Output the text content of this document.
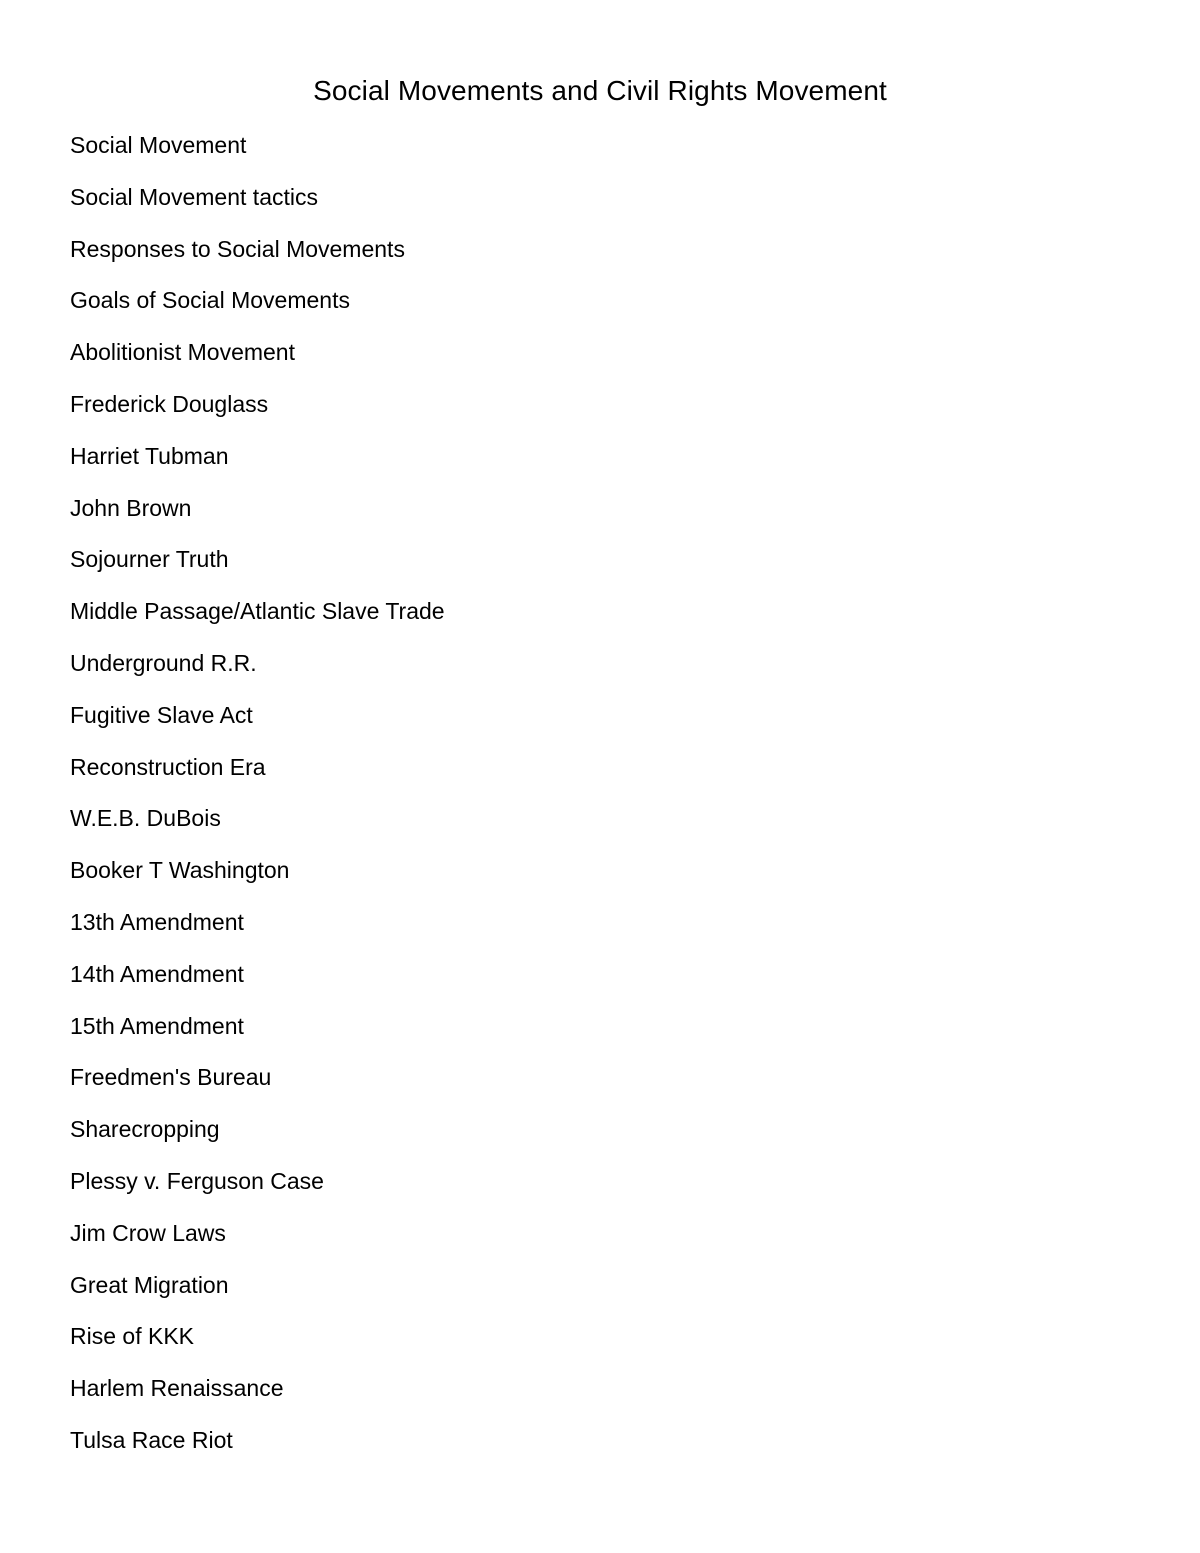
Social Movements and Civil Rights Movement
Social Movement
Social Movement tactics
Responses to Social Movements
Goals of Social Movements
Abolitionist Movement
Frederick Douglass
Harriet Tubman
John Brown
Sojourner Truth
Middle Passage/Atlantic Slave Trade
Underground R.R.
Fugitive Slave Act
Reconstruction Era
W.E.B. DuBois
Booker T Washington
13th Amendment
14th Amendment
15th Amendment
Freedmen's Bureau
Sharecropping
Plessy v. Ferguson Case
Jim Crow Laws
Great Migration
Rise of KKK
Harlem Renaissance
Tulsa Race Riot
